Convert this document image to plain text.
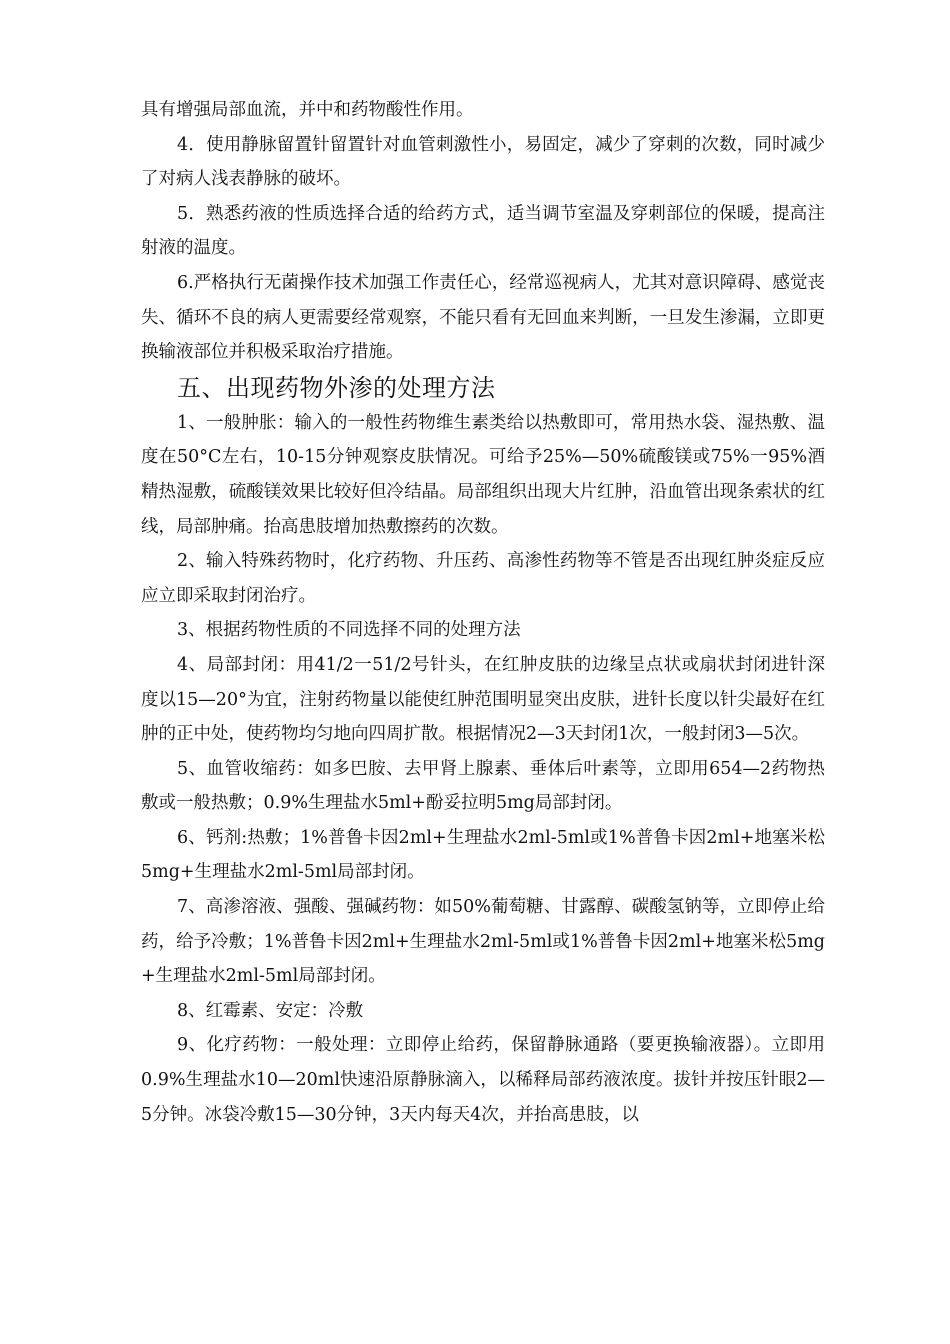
具有增强局部血流，并中和药物酸性作用。

4．使用静脉留置针留置针对血管刺激性小，易固定，减少了穿刺的次数，同时减少了对病人浅表静脉的破坏。

5．熟悉药液的性质选择合适的给药方式，适当调节室温及穿刺部位的保暖，提高注射液的温度。

6.严格执行无菌操作技术加强工作责任心，经常巡视病人，尤其对意识障碍、感觉丧失、循环不良的病人更需要经常观察，不能只看有无回血来判断，一旦发生渗漏，立即更换输液部位并积极采取治疗措施。

五、出现药物外渗的处理方法

1、一般肿胀：输入的一般性药物维生素类给以热敷即可，常用热水袋、湿热敷、温度在50°C左右，10-15分钟观察皮肤情况。可给予25%—50%硫酸镁或75%一95%酒精热湿敷，硫酸镁效果比较好但冷结晶。局部组织出现大片红肿，沿血管出现条索状的红线，局部肿痛。抬高患肢增加热敷擦药的次数。

2、输入特殊药物时，化疗药物、升压药、高渗性药物等不管是否出现红肿炎症反应应立即采取封闭治疗。

3、根据药物性质的不同选择不同的处理方法

4、局部封闭：用41/2一51/2号针头，在红肿皮肤的边缘呈点状或扇状封闭进针深度以15—20°为宜，注射药物量以能使红肿范围明显突出皮肤，进针长度以针尖最好在红肿的正中处，使药物均匀地向四周扩散。根据情况2—3天封闭1次，一般封闭3—5次。

5、血管收缩药：如多巴胺、去甲肾上腺素、垂体后叶素等，立即用654—2药物热敷或一般热敷；0.9%生理盐水5ml+酚妥拉明5mg局部封闭。

6、钙剂:热敷；1%普鲁卡因2ml+生理盐水2ml-5ml或1%普鲁卡因2ml+地塞米松5mg+生理盐水2ml-5ml局部封闭。

7、高渗溶液、强酸、强碱药物：如50%葡萄糖、甘露醇、碳酸氢钠等，立即停止给药，给予冷敷；1%普鲁卡因2ml+生理盐水2ml-5ml或1%普鲁卡因2ml+地塞米松5mg+生理盐水2ml-5ml局部封闭。

8、红霉素、安定：冷敷

9、化疗药物：一般处理：立即停止给药，保留静脉通路（要更换输液器）。立即用0.9%生理盐水10—20ml快速沿原静脉滴入，以稀释局部药液浓度。拔针并按压针眼2—5分钟。冰袋冷敷15—30分钟，3天内每天4次，并抬高患肢，以
